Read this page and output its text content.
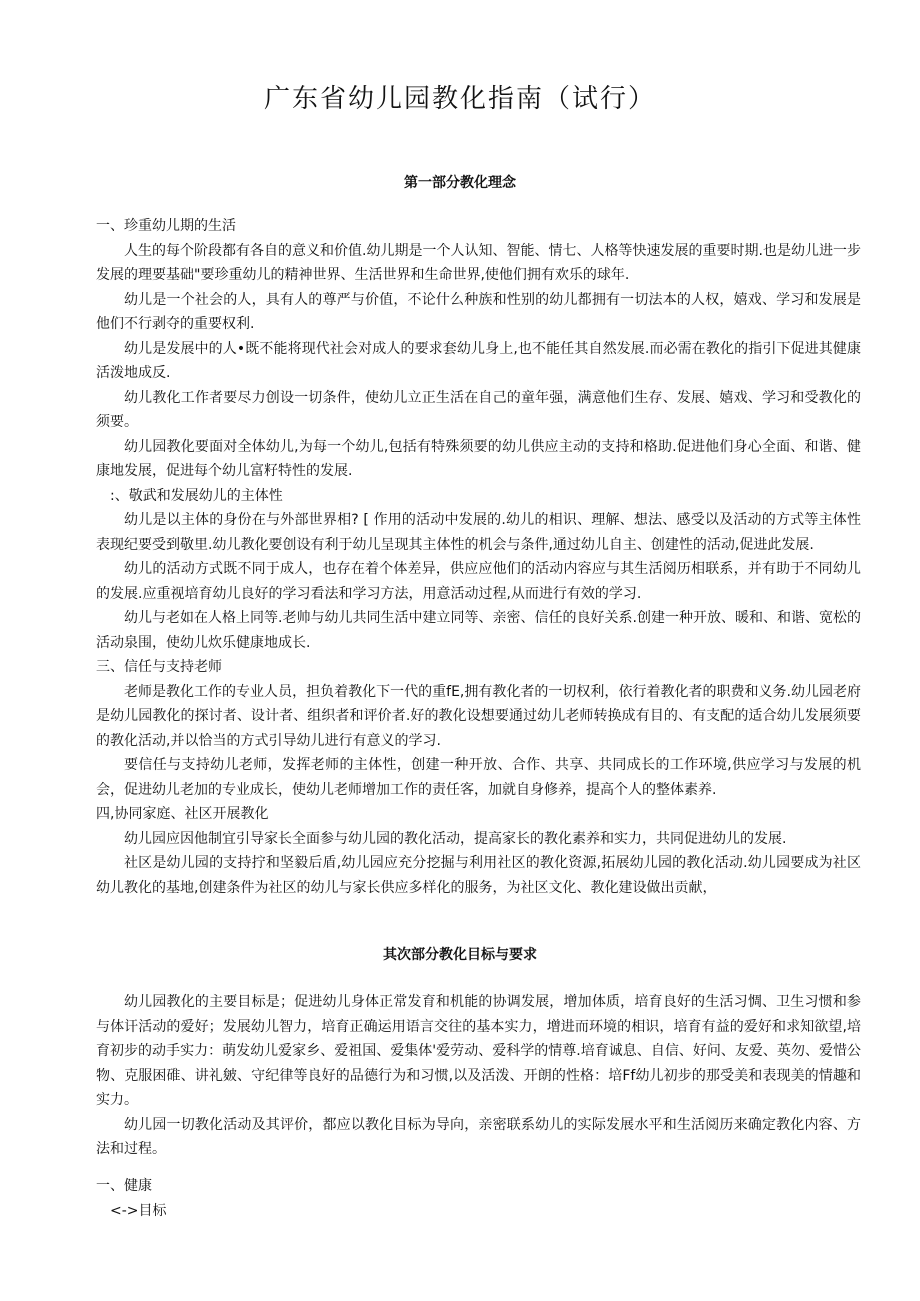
广东省幼儿园教化指南（试行）
第一部分教化理念
一、珍重幼儿期的生活

人生的每个阶段都有各自的意义和价值.幼儿期是一个人认知、智能、情七、人格等快速发展的重要时期.也是幼儿进一步发展的理要基础"要珍重幼儿的精神世界、生活世界和生命世界,使他们拥有欢乐的球年.

幼儿是一个社会的人，具有人的尊严与价值，不论什么种族和性别的幼儿都拥有一切法本的人权，嬉戏、学习和发展是他们不行剥夺的重要权利.

幼儿是发展中的人•既不能将现代社会对成人的要求套幼儿身上,也不能任其自然发展.而必需在教化的指引下促进其健康活泼地成反.

幼儿教化工作者要尽力创设一切条件，使幼儿立正生活在自己的童年强，满意他们生存、发展、嬉戏、学习和受教化的须要。

幼儿园教化要面对全体幼儿,为每一个幼儿,包括有特殊须要的幼儿供应主动的支持和格助.促进他们身心全面、和谐、健康地发展，促进每个幼儿富籽特性的发展.

:、敬武和发展幼儿的主体性

幼儿是以主体的身份在与外部世界相? [ 作用的活动中发展的.幼儿的相识、理解、想法、感受以及活动的方式等主体性表现纪要受到敬里.幼儿教化要创设有利于幼儿呈现其主体性的机会与条件,通过幼儿自主、创建性的活动,促进此发展.

幼儿的活动方式既不同于成人，也存在着个体差异，供应应他们的活动内容应与其生活阅历相联系，并有助于不同幼儿的发展.应重视培育幼儿良好的学习看法和学习方法，用意活动过程,从而进行有效的学习.

幼儿与老如在人格上同等.老帅与幼儿共同生活中建立同等、亲密、信任的良好关系.创建一种开放、暖和、和谐、宽松的活动泉围，使幼儿炊乐健康地成长.

三、信任与支持老师

老师是教化工作的专业人员，担负着教化下一代的重fE,拥有教化者的一切权利，依行着教化者的职费和义务.幼儿园老府是幼儿园教化的探讨者、设计者、组织者和评价者.好的教化设想要通过幼儿老师转换成有目的、有支配的适合幼儿发展须要的教化活动,并以恰当的方式引导幼儿进行有意义的学习.

要信任与支持幼儿老师，发挥老师的主体性，创建一种开放、合作、共享、共同成长的工作环境,供应学习与发展的机会，促进幼儿老加的专业成长，使幼儿老师增加工作的责任客，加就自身修养，提高个人的整体素养.

四,协同家庭、社区开展教化

幼儿园应因他制宜引导家长全面参与幼儿园的教化活动，提高家长的教化素养和实力，共同促进幼儿的发展.

社区是幼儿园的支持拧和坚毅后盾,幼儿园应充分挖掘与利用社区的教化资源,拓展幼儿园的教化活动.幼儿园要成为社区幼儿教化的基地,创建条件为社区的幼儿与家长供应多样化的服务，为社区文化、教化建设做出贡献，

其次部分教化目标与要求

幼儿园教化的主要目标是；促进幼儿身体正常发育和机能的协调发展，增加体质，培育良好的生活习惆、卫生习惯和参与体讦活动的爱好；发展幼儿智力，培育正确运用语言交往的基本实力，增进而环境的相识，培育有益的爱好和求知欲望,培育初步的动手实力：萌发幼儿爱家乡、爱祖国、爱集体'爱劳动、爱科学的情尊.培育诚息、自信、好问、友爱、英勿、爱惜公物、克服困碓、讲礼皴、守纪律等良好的品德行为和习惯,以及活泼、开朗的性格：培Ff幼儿初步的那受美和表现美的情趣和实力。

幼儿园一切教化活动及其评价，都应以教化目标为导向，亲密联系幼儿的实际发展水平和生活阅历来确定教化内容、方法和过程。

一、健康
<->目标
